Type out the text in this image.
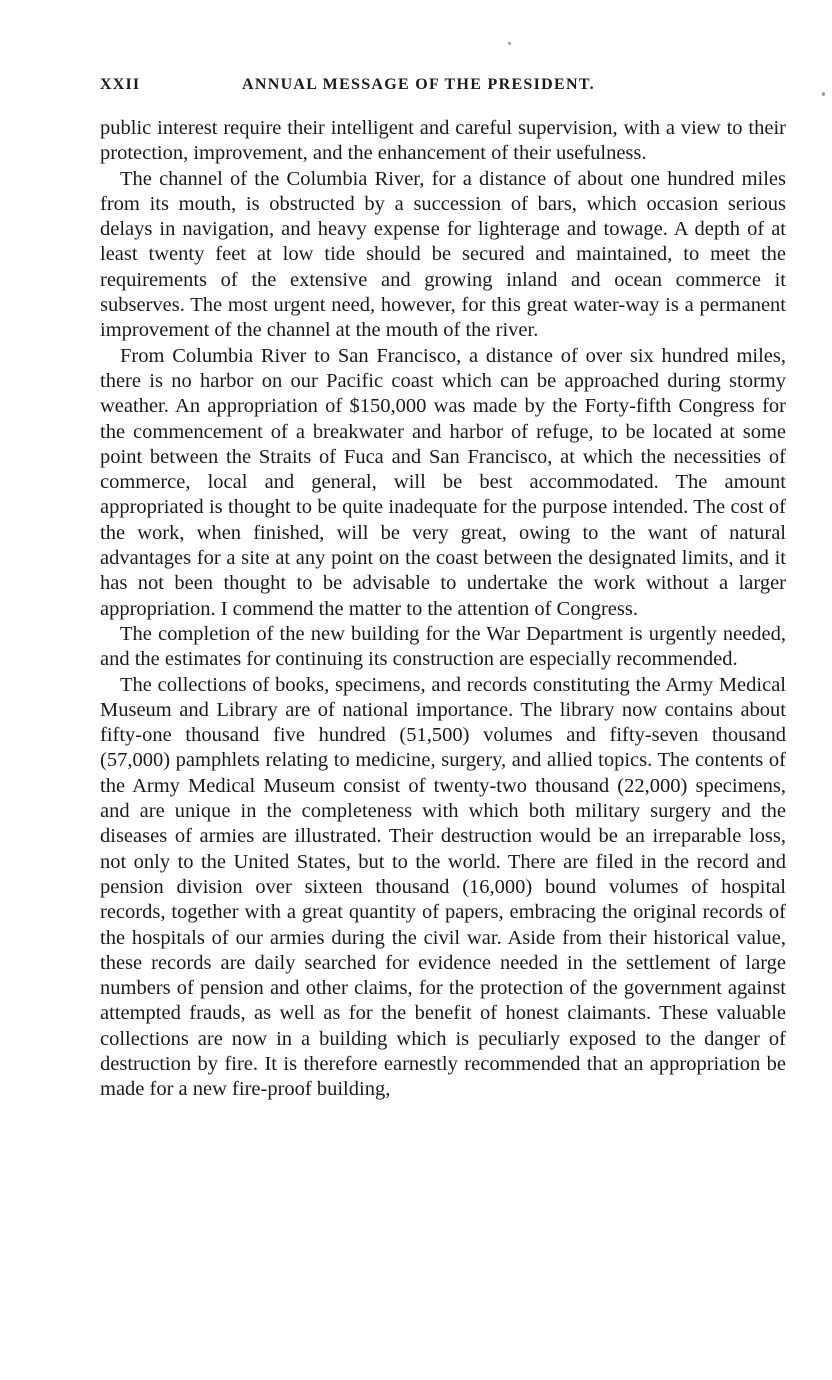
XXII	ANNUAL MESSAGE OF THE PRESIDENT.

public interest require their intelligent and careful supervision, with a view to their protection, improvement, and the enhancement of their usefulness.

The channel of the Columbia River, for a distance of about one hundred miles from its mouth, is obstructed by a succession of bars, which occasion serious delays in navigation, and heavy expense for lighterage and towage. A depth of at least twenty feet at low tide should be secured and maintained, to meet the requirements of the extensive and growing inland and ocean commerce it subserves. The most urgent need, however, for this great water-way is a permanent improvement of the channel at the mouth of the river.

From Columbia River to San Francisco, a distance of over six hundred miles, there is no harbor on our Pacific coast which can be approached during stormy weather. An appropriation of $150,000 was made by the Forty-fifth Congress for the commencement of a breakwater and harbor of refuge, to be located at some point between the Straits of Fuca and San Francisco, at which the necessities of commerce, local and general, will be best accommodated. The amount appropriated is thought to be quite inadequate for the purpose intended. The cost of the work, when finished, will be very great, owing to the want of natural advantages for a site at any point on the coast between the designated limits, and it has not been thought to be advisable to undertake the work without a larger appropriation. I commend the matter to the attention of Congress.

The completion of the new building for the War Department is urgently needed, and the estimates for continuing its construction are especially recommended.

The collections of books, specimens, and records constituting the Army Medical Museum and Library are of national importance. The library now contains about fifty-one thousand five hundred (51,500) volumes and fifty-seven thousand (57,000) pamphlets relating to medicine, surgery, and allied topics. The contents of the Army Medical Museum consist of twenty-two thousand (22,000) specimens, and are unique in the completeness with which both military surgery and the diseases of armies are illustrated. Their destruction would be an irreparable loss, not only to the United States, but to the world. There are filed in the record and pension division over sixteen thousand (16,000) bound volumes of hospital records, together with a great quantity of papers, embracing the original records of the hospitals of our armies during the civil war. Aside from their historical value, these records are daily searched for evidence needed in the settlement of large numbers of pension and other claims, for the protection of the government against attempted frauds, as well as for the benefit of honest claimants. These valuable collections are now in a building which is peculiarly exposed to the danger of destruction by fire. It is therefore earnestly recommended that an appropriation be made for a new fire-proof building,
